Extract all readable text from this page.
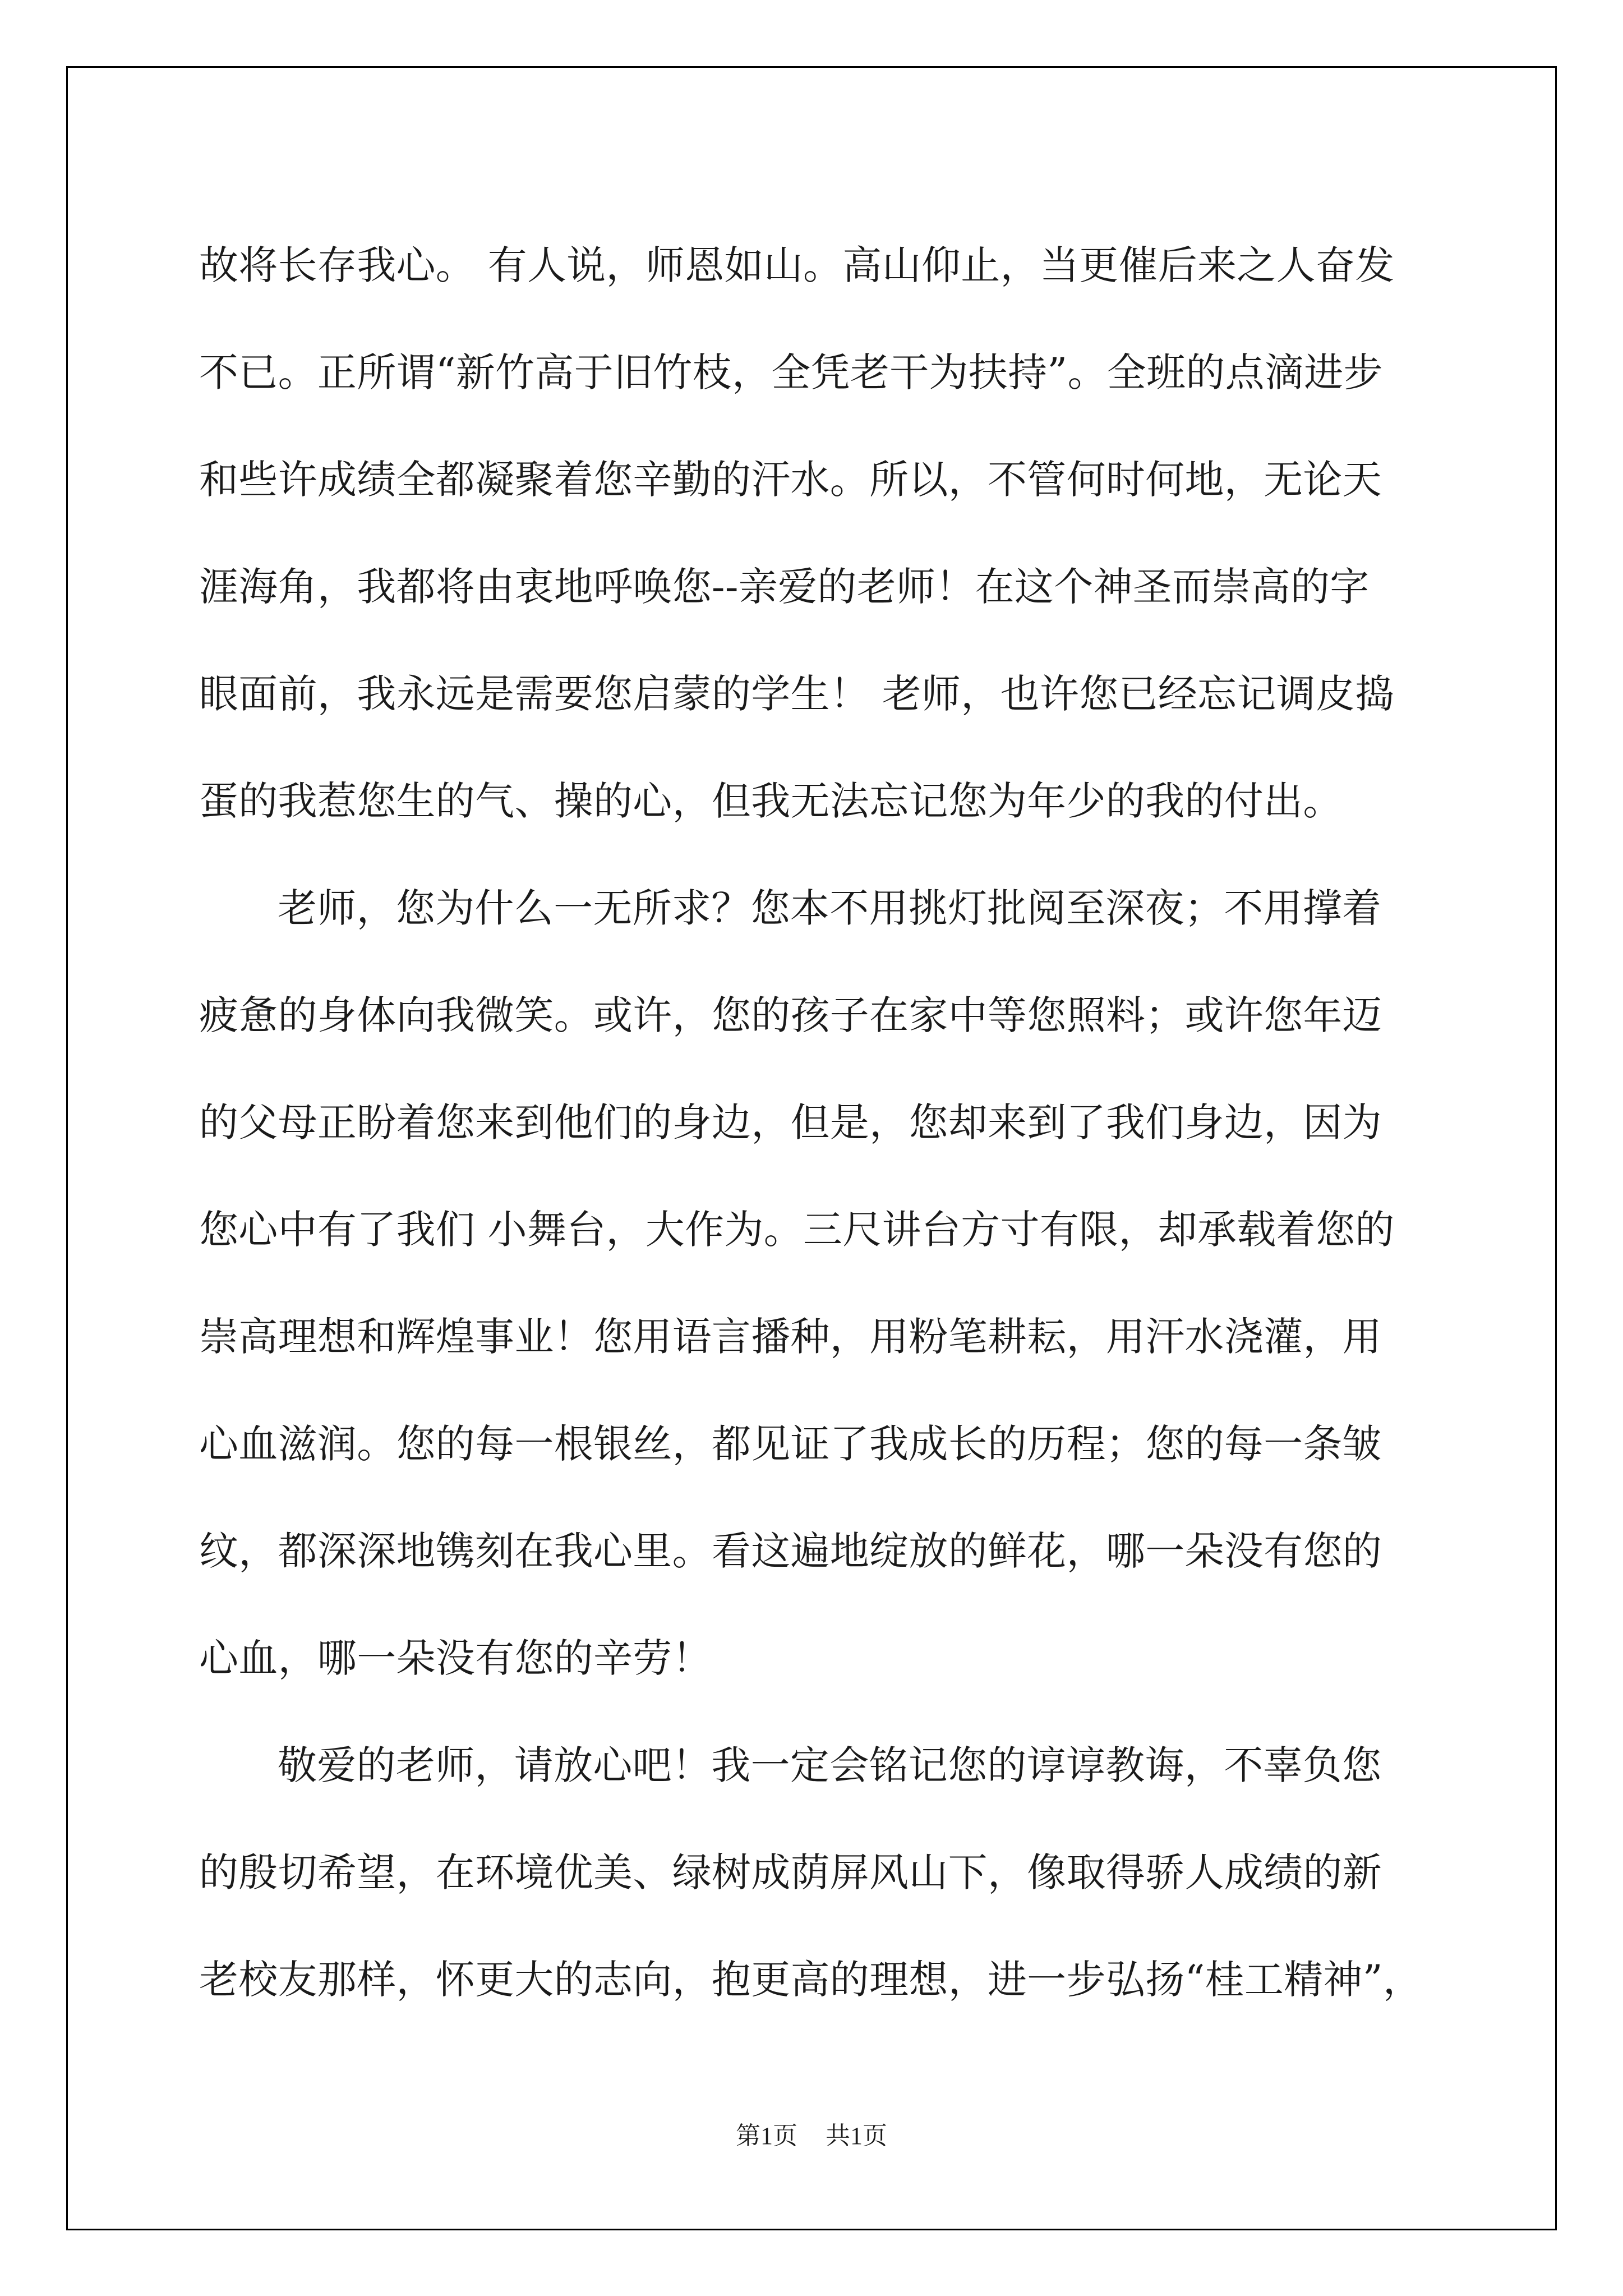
故将长存我心。 有人说，师恩如山。高山仰止，当更催后来之人奋发
不已。正所谓“新竹高于旧竹枝，全凭老干为扶持”。全班的点滴进步
和些许成绩全都凝聚着您辛勤的汗水。所以，不管何时何地，无论天
涯海角，我都将由衷地呼唤您--亲爱的老师！在这个神圣而崇高的字
眼面前，我永远是需要您启蒙的学生！ 老师，也许您已经忘记调皮捣
蛋的我惹您生的气、操的心，但我无法忘记您为年少的我的付出。
老师，您为什么一无所求？您本不用挑灯批阅至深夜；不用撑着
疲惫的身体向我微笑。或许，您的孩子在家中等您照料；或许您年迈
的父母正盼着您来到他们的身边，但是，您却来到了我们身边，因为
您心中有了我们 小舞台，大作为。三尺讲台方寸有限，却承载着您的
崇高理想和辉煌事业！您用语言播种，用粉笔耕耘，用汗水浇灌，用
心血滋润。您的每一根银丝，都见证了我成长的历程；您的每一条皱
纹，都深深地镌刻在我心里。看这遍地绽放的鲜花，哪一朵没有您的
心血，哪一朵没有您的辛劳！
敬爱的老师，请放心吧！我一定会铭记您的谆谆教诲，不辜负您
的殷切希望，在环境优美、绿树成荫屏风山下，像取得骄人成绩的新
老校友那样，怀更大的志向，抱更高的理想，进一步弘扬“桂工精神”，
第1页 共1页
